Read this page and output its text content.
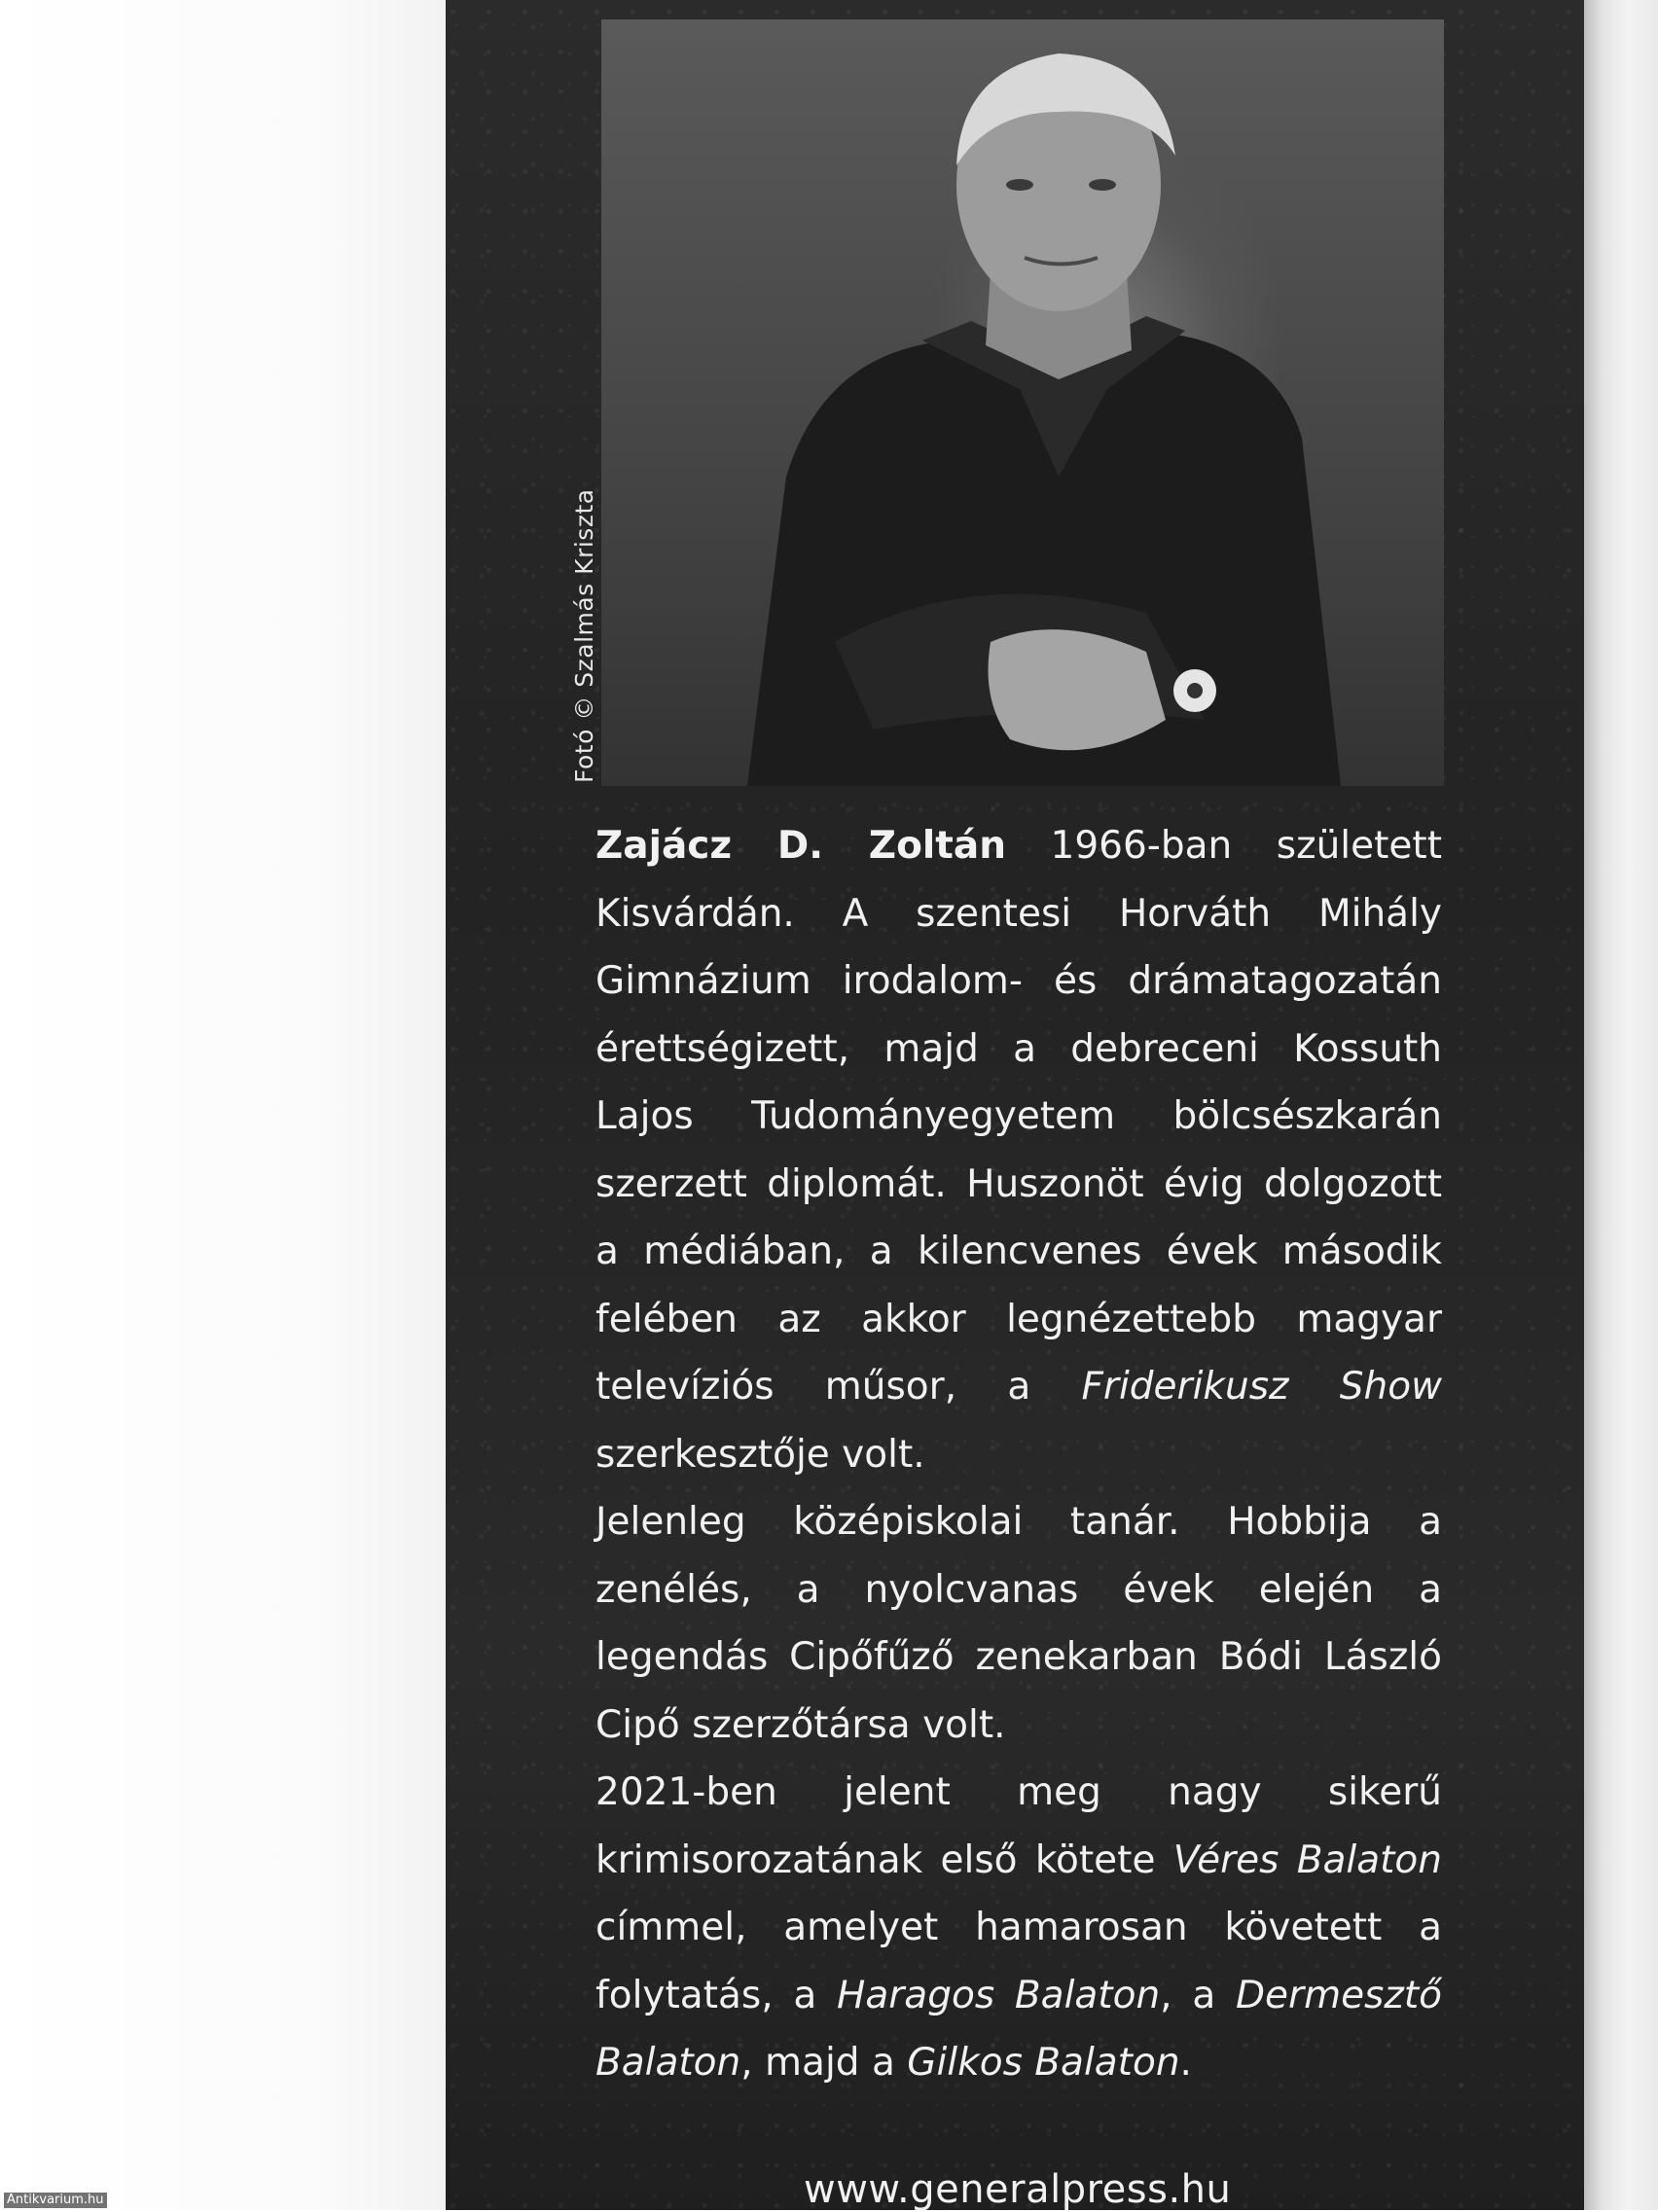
Fotó © Szalmás Kriszta

Zajácz D. Zoltán 1966-ban született Kisvárdán. A szentesi Horváth Mihály Gimnázium irodalom- és drámatagozatán érettségizett, majd a debreceni Kossuth Lajos Tudományegyetem bölcsészkarán szerzett diplomát. Huszonöt évig dolgozott a médiában, a kilencvenes évek második felében az akkor legnézettebb magyar televíziós műsor, a Friderikusz Show szerkesztője volt.

Jelenleg középiskolai tanár. Hobbija a zenélés, a nyolcvanas évek elején a legendás Cipőfűző zenekarban Bódi László Cipő szerzőtársa volt.

2021-ben jelent meg nagy sikerű krimisorozatának első kötete Véres Balaton címmel, amelyet hamarosan követett a folytatás, a Haragos Balaton, a Dermesztő Balaton, majd a Gilkos Balaton.

www.generalpress.hu
Antikvarium.hu
